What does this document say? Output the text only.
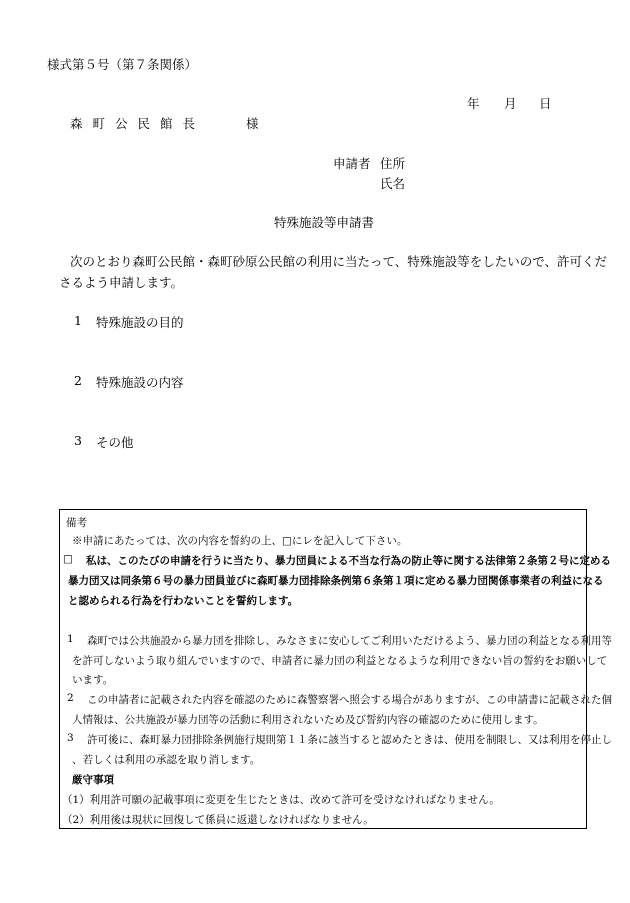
様式第５号（第７条関係）
年 月 日
森町公民館長	様
申請者 住所
氏名
特殊施設等申請書
次のとおり森町公民館・森町砂原公民館の利用に当たって、特殊施設等をしたいので、許可くだ
さるよう申請します。
1 特殊施設の目的
2 特殊施設の内容
3 その他
備考
※申請にあたっては、次の内容を誓約の上、□にレを記入して下さい。
□ 私は、このたびの申請を行うに当たり、暴力団員による不当な行為の防止等に関する法律第２条第２号に定める
暴力団又は同条第６号の暴力団員並びに森町暴力団排除条例第６条第１項に定める暴力団関係事業者の利益になる
と認められる行為を行わないことを誓約します。
1 森町では公共施設から暴力団を排除し、みなさまに安心してご利用いただけるよう、暴力団の利益となる利用等
を許可しないよう取り組んでいますので、申請者に暴力団の利益となるような利用できない旨の誓約をお願いして
います。
2 この申請者に記載された内容を確認のために森警察署へ照会する場合がありますが、この申請書に記載された個
人情報は、公共施設が暴力団等の活動に利用されないため及び誓約内容の確認のために使用します。
3 許可後に、森町暴力団排除条例施行規則第１１条に該当すると認めたときは、使用を制限し、又は利用を停止し
、若しくは利用の承認を取り消します。
厳守事項
（1）利用許可願の記載事項に変更を生じたときは、改めて許可を受けなければなりません。
（2）利用後は現状に回復して係員に返還しなければなりません。
